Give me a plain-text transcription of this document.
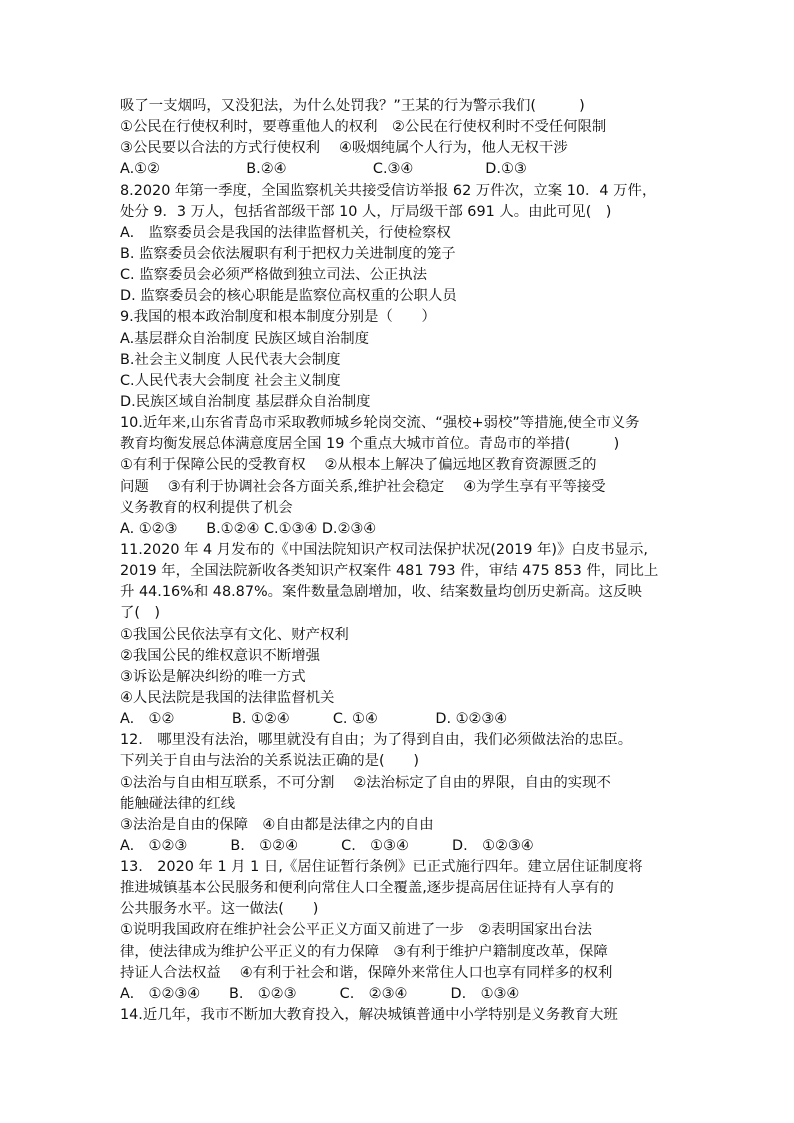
吸了一支烟吗，又没犯法，为什么处罚我？”王某的行为警示我们(　　　)
①公民在行使权利时，要尊重他人的权利　②公民在行使权利时不受任何限制
③公民要以合法的方式行使权利　 ④吸烟纯属个人行为，他人无权干涉
A.①②　　　　　　B.②④　　　　　　C.③④　　　　　D.①③
8.2020 年第一季度，全国监察机关共接受信访举报 62 万件次，立案 10．4 万件，
处分 9．3 万人，包括省部级干部 10 人，厅局级干部 691 人。由此可见(　)
A.　监察委员会是我国的法律监督机关，行使检察权
B. 监察委员会依法履职有利于把权力关进制度的笼子
C. 监察委员会必须严格做到独立司法、公正执法
D. 监察委员会的核心职能是监察位高权重的公职人员
9.我国的根本政治制度和根本制度分别是（　　）
A.基层群众自治制度 民族区域自治制度
B.社会主义制度 人民代表大会制度
C.人民代表大会制度 社会主义制度
D.民族区域自治制度 基层群众自治制度
10.近年来,山东省青岛市采取教师城乡轮岗交流、“强校+弱校”等措施,使全市义务
教育均衡发展总体满意度居全国 19 个重点大城市首位。青岛市的举措(　　　)
①有利于保障公民的受教育权　 ②从根本上解决了偏远地区教育资源匮乏的
问题　 ③有利于协调社会各方面关系,维护社会稳定　 ④为学生享有平等接受
义务教育的权利提供了机会
A. ①②③　　B.①②④ C.①③④ D.②③④
11.2020 年 4 月发布的《中国法院知识产权司法保护状况(2019 年)》白皮书显示,
2019 年，全国法院新收各类知识产权案件 481 793 件，审结 475 853 件，同比上
升 44.16%和 48.87%。案件数量急剧增加，收、结案数量均创历史新高。这反映
了(　)
①我国公民依法享有文化、财产权利
②我国公民的维权意识不断增强
③诉讼是解决纠纷的唯一方式
④人民法院是我国的法律监督机关
A.　①②　　　　B. ①②④　　　C. ①④　　　　D. ①②③④
12.　哪里没有法治，哪里就没有自由；为了得到自由，我们必须做法治的忠臣。
下列关于自由与法治的关系说法正确的是(　　)
①法治与自由相互联系，不可分割　 ②法治标定了自由的界限，自由的实现不
能触碰法律的红线
③法治是自由的保障　④自由都是法律之内的自由
A.　①②③　　　B.　①②④　　　C.　①③④　　　D.　①②③④
13.　2020 年 1 月 1 日,《居住证暂行条例》已正式施行四年。建立居住证制度将
推进城镇基本公民服务和便利向常住人口全覆盖,逐步提高居住证持有人享有的
公共服务水平。这一做法(　　)
①说明我国政府在维护社会公平正义方面又前进了一步　②表明国家出台法
律，使法律成为维护公平正义的有力保障　③有利于维护户籍制度改革，保障
持证人合法权益　 ④有利于社会和谐，保障外来常住人口也享有同样多的权利
A.　①②③④　　B.　①②③　　　C.　②③④　　　D.　①③④
14.近几年，我市不断加大教育投入，解决城镇普通中小学特别是义务教育大班
